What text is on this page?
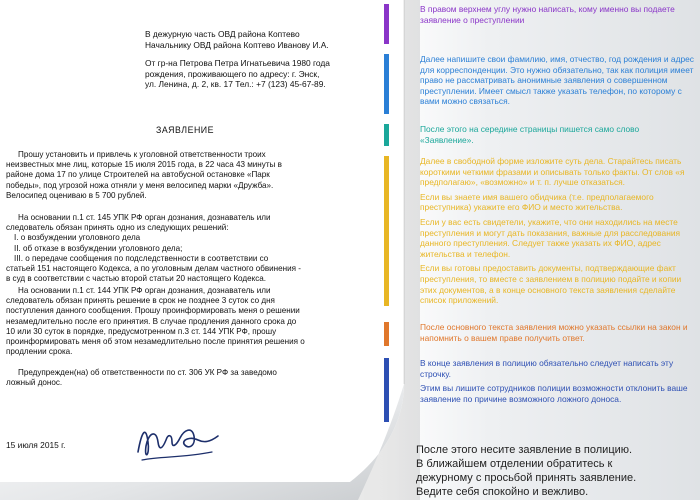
В дежурную часть ОВД района Коптево
Начальнику ОВД района Коптево Иванову И.А.
От гр-на Петрова Петра Игнатьевича 1980 года
рождения, проживающего по адресу: г. Энск,
ул. Ленина, д. 2, кв. 17 Тел.: +7 (123) 45-67-89.
ЗАЯВЛЕНИЕ
Прошу установить и привлечь к уголовной ответственности троих
неизвестных мне лиц, которые 15 июля 2015 года, в 22 часа 43 минуты в
районе дома 17 по улице Строителей на автобусной остановке «Парк
победы», под угрозой ножа отняли у меня велосипед марки «Дружба».
Велосипед оцениваю в 5 700 рублей.
На основании п.1 ст. 145 УПК РФ орган дознания, дознаватель или
следователь обязан принять одно из следующих решений:
I. о возбуждении уголовного дела
II. об отказе в возбуждении уголовного дела;
III. о передаче сообщения по подследственности в соответствии со
статьей 151 настоящего Кодекса, а по уголовным делам частного обвинения -
в суд в соответствии с частью второй статьи 20 настоящего Кодекса.
На основании п.1 ст. 144 УПК РФ орган дознания, дознаватель или
следователь обязан принять решение в срок не позднее 3 суток со дня
поступления данного сообщения. Прошу проинформировать меня о решении
незамедлительно после его принятия. В случае продления данного срока до
10 или 30 суток в порядке, предусмотренном п.3 ст. 144 УПК РФ, прошу
проинформировать меня об этом незамедлительно после принятия решения о
продлении срока.
Предупрежден(на) об ответственности по ст. 306 УК РФ за заведомо
ложный донос.
15 июля 2015 г.
В правом верхнем углу нужно написать, кому именно вы подаете заявление о преступлении
Далее напишите свои фамилию, имя, отчество, год рождения и адрес для корреспонденции. Это нужно обязательно, так как полиция имеет право не рассматривать анонимные заявления о совершенном преступлении. Имеет смысл также указать телефон, по которому с вами можно связаться.
После этого на середине страницы пишется само слово «Заявление».
Далее в свободной форме изложите суть дела. Старайтесь писать короткими четкими фразами и описывать только факты. От слов «я предполагаю», «возможно» и т. п. лучше отказаться.
Если вы знаете имя вашего обидчика (т.е. предполагаемого преступника) укажите его ФИО и место жительства.
Если у вас есть свидетели, укажите, что они находились на месте преступления и могут дать показания, важные для расследования данного преступления. Следует также указать их ФИО, адрес жительства и телефон.
Если вы готовы предоставить документы, подтверждающие факт преступления, то вместе с заявлением в полицию подайте и копии этих документов, а в конце основного текста заявления сделайте список приложений.
После основного текста заявления можно указать ссылки на закон и напомнить о вашем праве получить ответ.
В конце заявления в полицию обязательно следует написать эту строчку.
Этим вы лишите сотрудников полиции возможности отклонить ваше заявление по причине возможного ложного доноса.
После этого несите заявление в полицию.
В ближайшем отделении обратитесь к
дежурному с просьбой принять заявление.
Ведите себя спокойно и вежливо.
